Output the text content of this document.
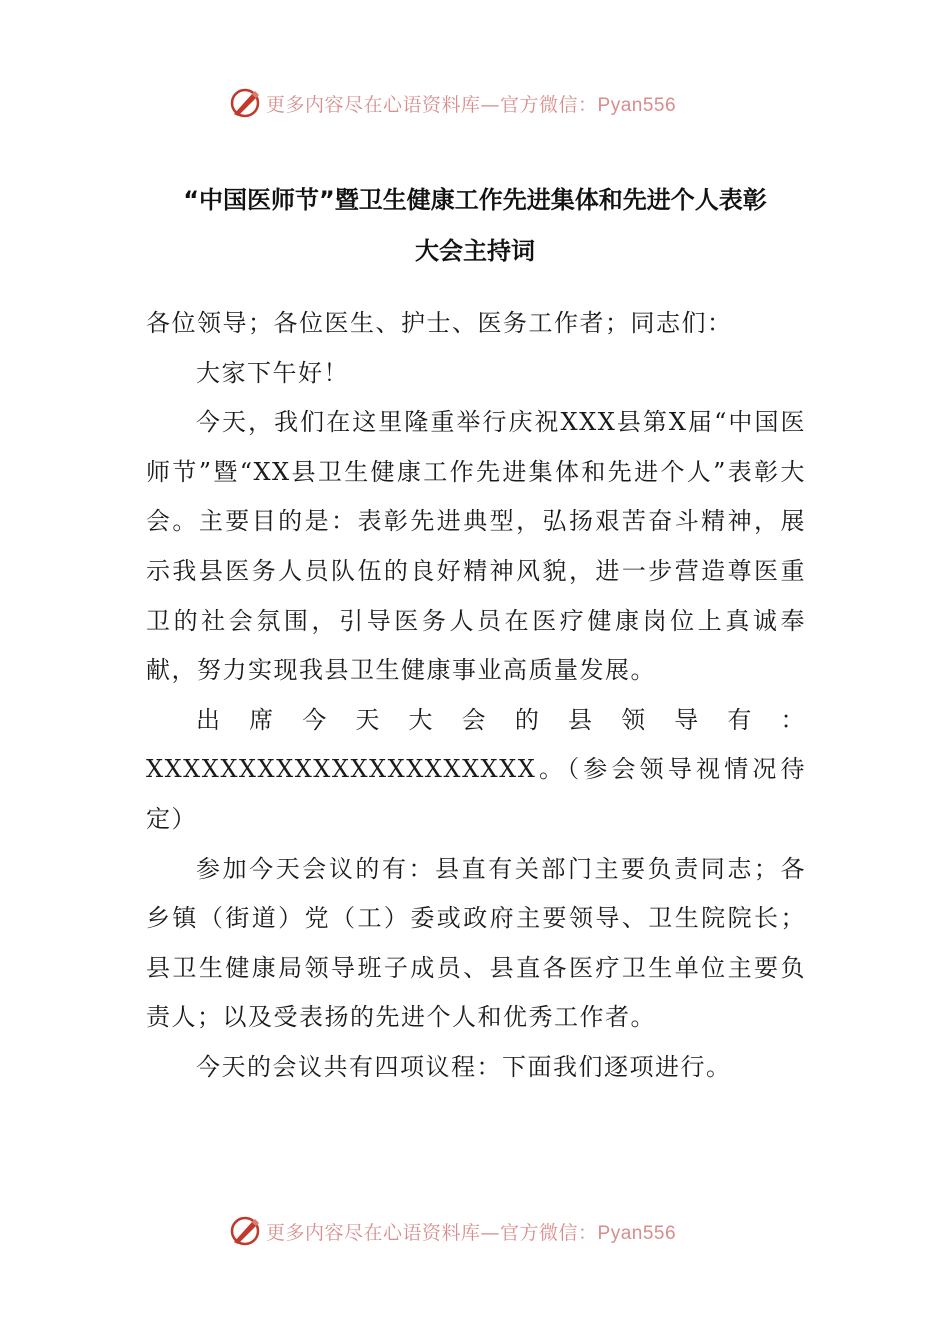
更多内容尽在心语资料库—官方微信：Pyan556
“中国医师节”暨卫生健康工作先进集体和先进个人表彰
大会主持词

各位领导；各位医生、护士、医务工作者；同志们：

大家下午好！

今天，我们在这里隆重举行庆祝XXX县第X届“中国医师节”暨“XX县卫生健康工作先进集体和先进个人”表彰大会。主要目的是：表彰先进典型，弘扬艰苦奋斗精神，展示我县医务人员队伍的良好精神风貌，进一步营造尊医重卫的社会氛围，引导医务人员在医疗健康岗位上真诚奉献，努力实现我县卫生健康事业高质量发展。

出席今天大会的县领导有：XXXXXXXXXXXXXXXXXXXXX。（参会领导视情况待定）

参加今天会议的有：县直有关部门主要负责同志；各乡镇（街道）党（工）委或政府主要领导、卫生院院长；县卫生健康局领导班子成员、县直各医疗卫生单位主要负责人；以及受表扬的先进个人和优秀工作者。

今天的会议共有四项议程：下面我们逐项进行。

更多内容尽在心语资料库—官方微信：Pyan556
